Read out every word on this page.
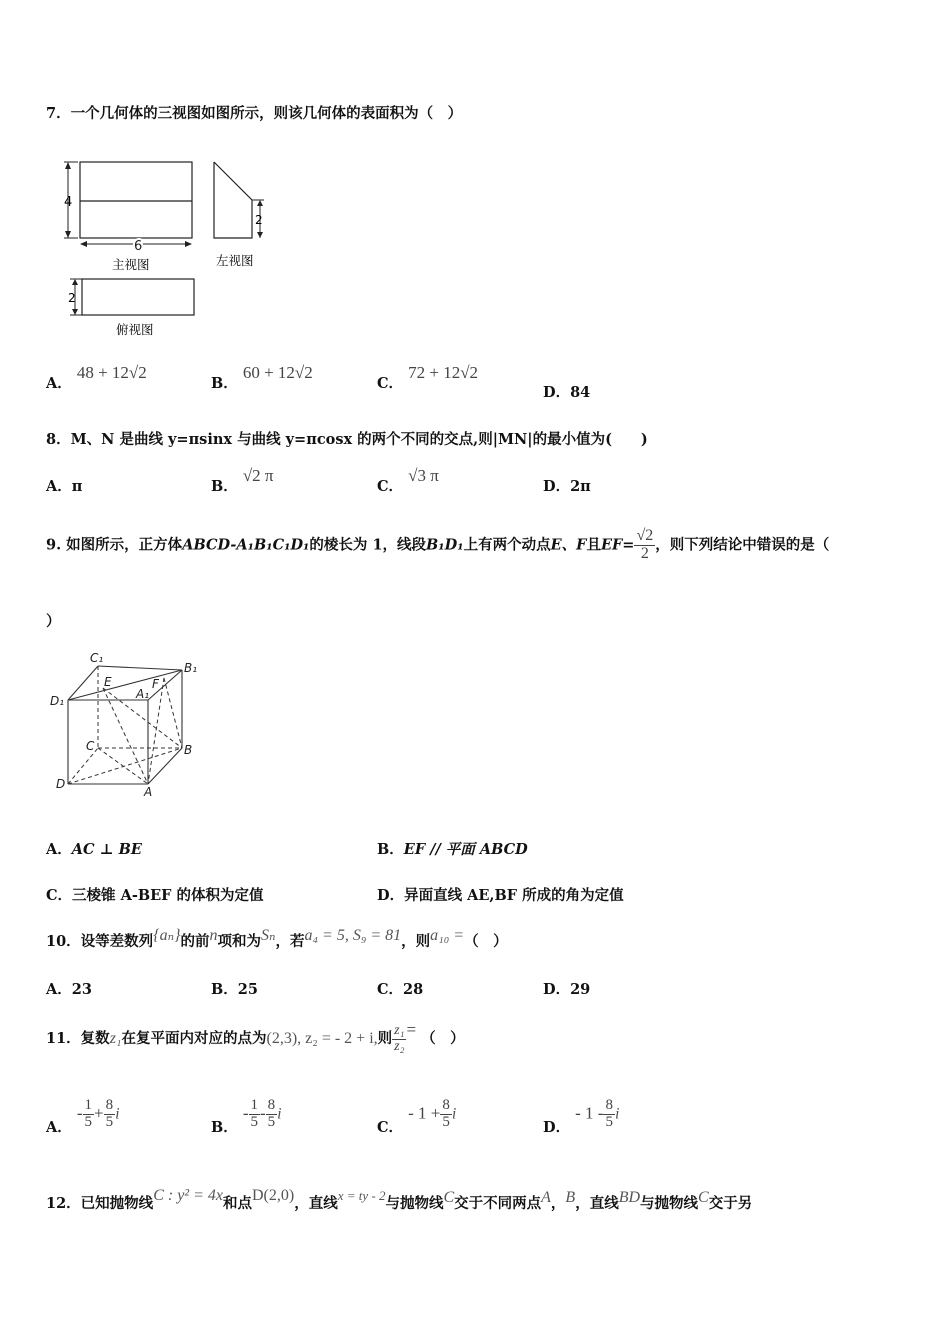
7．一个几何体的三视图如图所示，则该几何体的表面积为（　）
4
6
主视图
2
左视图
2
俯视图
A． 48 + 12√2
B． 60 + 12√2
C． 72 + 12√2
D．84
8．M、N 是曲线 y=πsinx 与曲线 y=πcosx 的两个不同的交点,则|MN|的最小值为(　　)
A．π	B． √2 π
C． √3 π
D．2π
9. 如图所示，正方体ABCD-A₁B₁C₁D₁的棱长为 1，线段B₁D₁上有两个动点E、F且$EF= \frac{√2}{2}$ ，则下列结论中错误的是（
）
C₁
B₁
D₁
E
A₁
F
C	B
D
A
A．AC ⊥ BE	B．EF // 平面 ABCD
C．三棱锥 A-BEF 的体积为定值	D．异面直线 AE,BF 所成的角为定值
10．设等差数列{aₙ}的前n项和为Sₙ，若a₄ = 5, S₉ = 81，则a₁₀ =（　）
A．23	B．25	C．28	D．29
11．复数z₁在复平面内对应的点为(2,3), z₂ = - 2 + i,则 $\frac{\text{z₁}}{\text{z₂}}$ = （　）
A． - $\frac{1}{5} + \frac{8}{5}$ i
B． - $\frac{1}{5} - \frac{8}{5}$ i
C． - $1 + \frac{8}{5}$ i
D． - $1 - \frac{8}{5}$ i
12．已知抛物线C : y² = 4x和点D(2,0)，直线x = ty - 2与抛物线C交于不同两点A，B，直线BD与抛物线C交于另
